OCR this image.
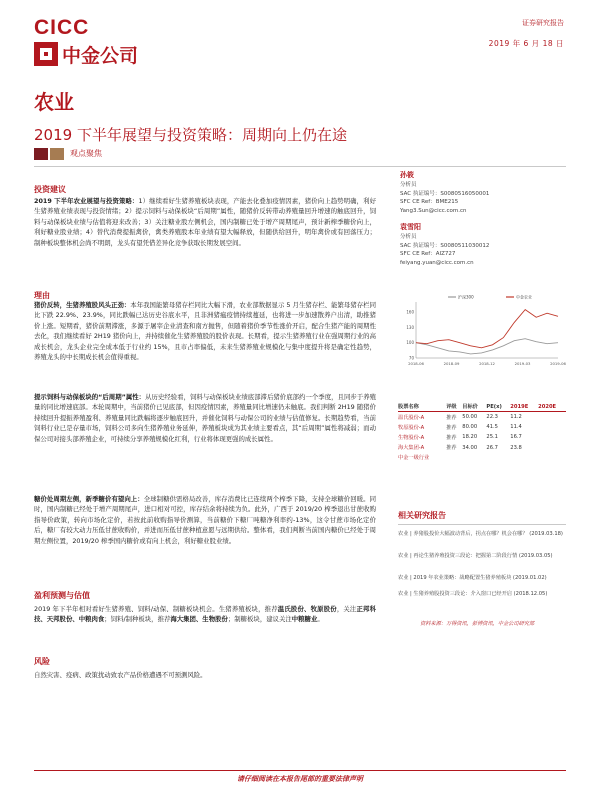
CICC
中金公司
证券研究报告
2019 年 6 月 18 日
农业
2019 下半年展望与投资策略：周期向上仍在途
观点聚焦
投资建议
2019 下半年农业展望与投资策略：1）继续看好生猪养殖板块表现，产能去化叠加疫情因素，猪价向上趋势明确，利好生猪养殖业绩表现与投资情绪；2）提示饲料与动保板块“后周期”属性，随猪价反转带动养殖量回升增速的触底回升，饲料与动保板块业绩与估值将迎来改善；3）关注糖业股左侧机会，国内制糖已处于增产周期尾声，预计新榨季糖价向上，利好糖业股业绩；4）替代消费提振禽价，禽类养殖股本年业绩有望大幅释放，但随供给回升，明年禽价或有回落压力；制种板块整体机会尚不明朗，龙头有望凭借差异化竞争获取长期发展空间。
理由
猪价反转，生猪养殖股风头正劲：本年我国能繁母猪存栏同比大幅下滑，农业部数据显示 5 月生猪存栏、能繁母猪存栏同比下跌 22.9%、23.9%，同比跌幅已达历史谷底水平，且非洲猪瘟疫情持续蔓延，也将进一步加速散养户出清，助推猪价上涨。短期看，猪价前期滞涨，多源于屠宰企业清查和南方抛售，但随着猪价季节性涨价开启，配合生猪产能的周期性去化，我们继续看好 2H19 猪价向上，并持续催化生猪养殖股的股价表现。长期看，提示生猪养殖行业在强周期行业的高成长机会，龙头企业完全成本低于行业约 15%，且市占率偏低，未来生猪养殖业规模化与集中度提升将是确定性趋势，养殖龙头的中长期成长机会值得重视。
提示饲料与动保板块的“后周期”属性：从历史经验看，饲料与动保板块业绩底部滞后猪价底部约一个季度，且同步于养殖量的同比增速底部。本轮周期中，当前猪价已见底部，但因疫情因素，养殖量同比增速仍未触底。我们判断 2H19 随猪价持续回升提振养殖盈利、养殖量同比跌幅将逐步触底回升，并催化饲料与动保公司的业绩与估值修复。长期趋势看，当前饲料行业已是存量市场，饲料公司多向生猪养殖业务延伸，养殖板块成为其业绩主要看点，其“后周期”属性将减弱；而动保公司对接头部养殖企业，可持续分享养殖规模化红利，行业将体现更强的成长属性。
糖价处周期左侧，新季糖价有望向上：全球制糖供需格局改善，库存消费比已连续两个榨季下降，支持全球糖价回暖。同时，国内制糖已经处于增产周期尾声，进口相对可控，库存结余将持续为负。此外，广西于 2019/20 榨季退出甘蔗收购指导价政策，转向市场化定价，若按此前收购指导价测算，当前糖价下糖厂吨糖净利率约-13%，这令甘蔗市场化定价后，糖厂有较大动力压低甘蔗收购价，并进而压低甘蔗种植意愿与远期供给。整体看，我们判断当前国内糖价已经处于周期左侧位置，2019/20 榨季国内糖价或有向上机会，利好糖业股业绩。
盈利预测与估值
2019 年下半年相对看好生猪养殖、饲料/动保、制糖板块机会。生猪养殖板块，推荐温氏股份、牧原股份，关注正邦科技、天邦股份、中粮肉食；饲料/制种板块，推荐海大集团、生物股份；制糖板块，建议关注中粮糖业。
风险
自然灾害、疫病、政策扰动致农产品价格遭遇不可预测风险。
孙筱
分析员
SAC 执证编号：S0080516050001
SFC CE Ref：BME215
Yang3.Sun@cicc.com.cn
袁雪阳
分析员
SAC 执证编号：S0080511030012
SFC CE Ref：AIZ727
feiyang.yuan@cicc.com.cn
70
100
130
160
2018-06	2018-09	2018-12	2019-03	2019-06
沪深300	中金农业
股票名称	评级	目标价	PE(x)	2019E	2020E
温氏股份-A	推荐	50.00	22.3	11.2	
牧原股份-A	推荐	80.00	41.5	11.4	
生物股份-A	推荐	18.20	25.1	16.7	
海大集团-A	推荐	34.00	26.7	23.8	
中金一级行业					
相关研究报告
农业 | 养猪股投价大幅波动背后，拐点在哪？机会在哪？ (2019.03.18)
农业 | 再论生猪养殖投资三段论：把握第二阶段行情 (2019.03.05)
农业 | 2019 年农业策略：战略配置生猪养殖板块 (2019.01.02)
农业 | 生猪养殖股投资三段论：介入窗口已经开启 (2018.12.05)
资料来源：万得资讯，彭博资讯，中金公司研究部
请仔细阅读在本报告尾部的重要法律声明
